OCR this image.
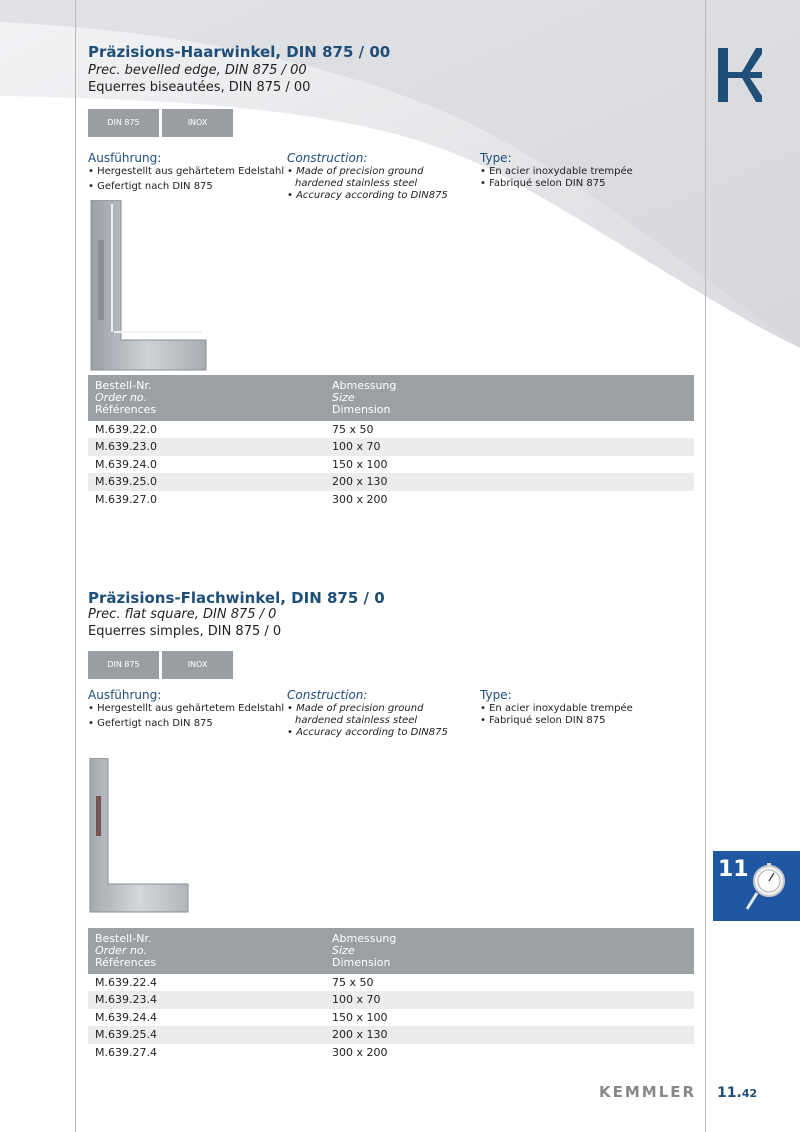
Präzisions-Haarwinkel, DIN 875 / 00
Prec. bevelled edge, DIN 875 / 00
Equerres biseautées, DIN 875 / 00
DIN 875	INOX
Ausführung:
• Hergestellt aus gehärtetem Edelstahl
• Gefertigt nach DIN 875
Construction:
• Made of precision ground
hardened stainless steel
• Accuracy according to DIN875
Type:
• En acier inoxydable trempée
• Fabriqué selon DIN 875
Bestell-Nr.
Order no.
Références
Abmessung
Size
Dimension
M.639.22.0	75 x 50
M.639.23.0	100 x 70
M.639.24.0	150 x 100
M.639.25.0	200 x 130
M.639.27.0	300 x 200
Präzisions-Flachwinkel, DIN 875 / 0
Prec. flat square, DIN 875 / 0
Equerres simples, DIN 875 / 0
DIN 875	INOX
Ausführung:
• Hergestellt aus gehärtetem Edelstahl
• Gefertigt nach DIN 875
Construction:
• Made of precision ground
hardened stainless steel
• Accuracy according to DIN875
Type:
• En acier inoxydable trempée
• Fabriqué selon DIN 875
Bestell-Nr.
Order no.
Références
Abmessung
Size
Dimension
M.639.22.4	75 x 50
M.639.23.4	100 x 70
M.639.24.4	150 x 100
M.639.25.4	200 x 130
M.639.27.4	300 x 200
11
KEMMLER 11.42
